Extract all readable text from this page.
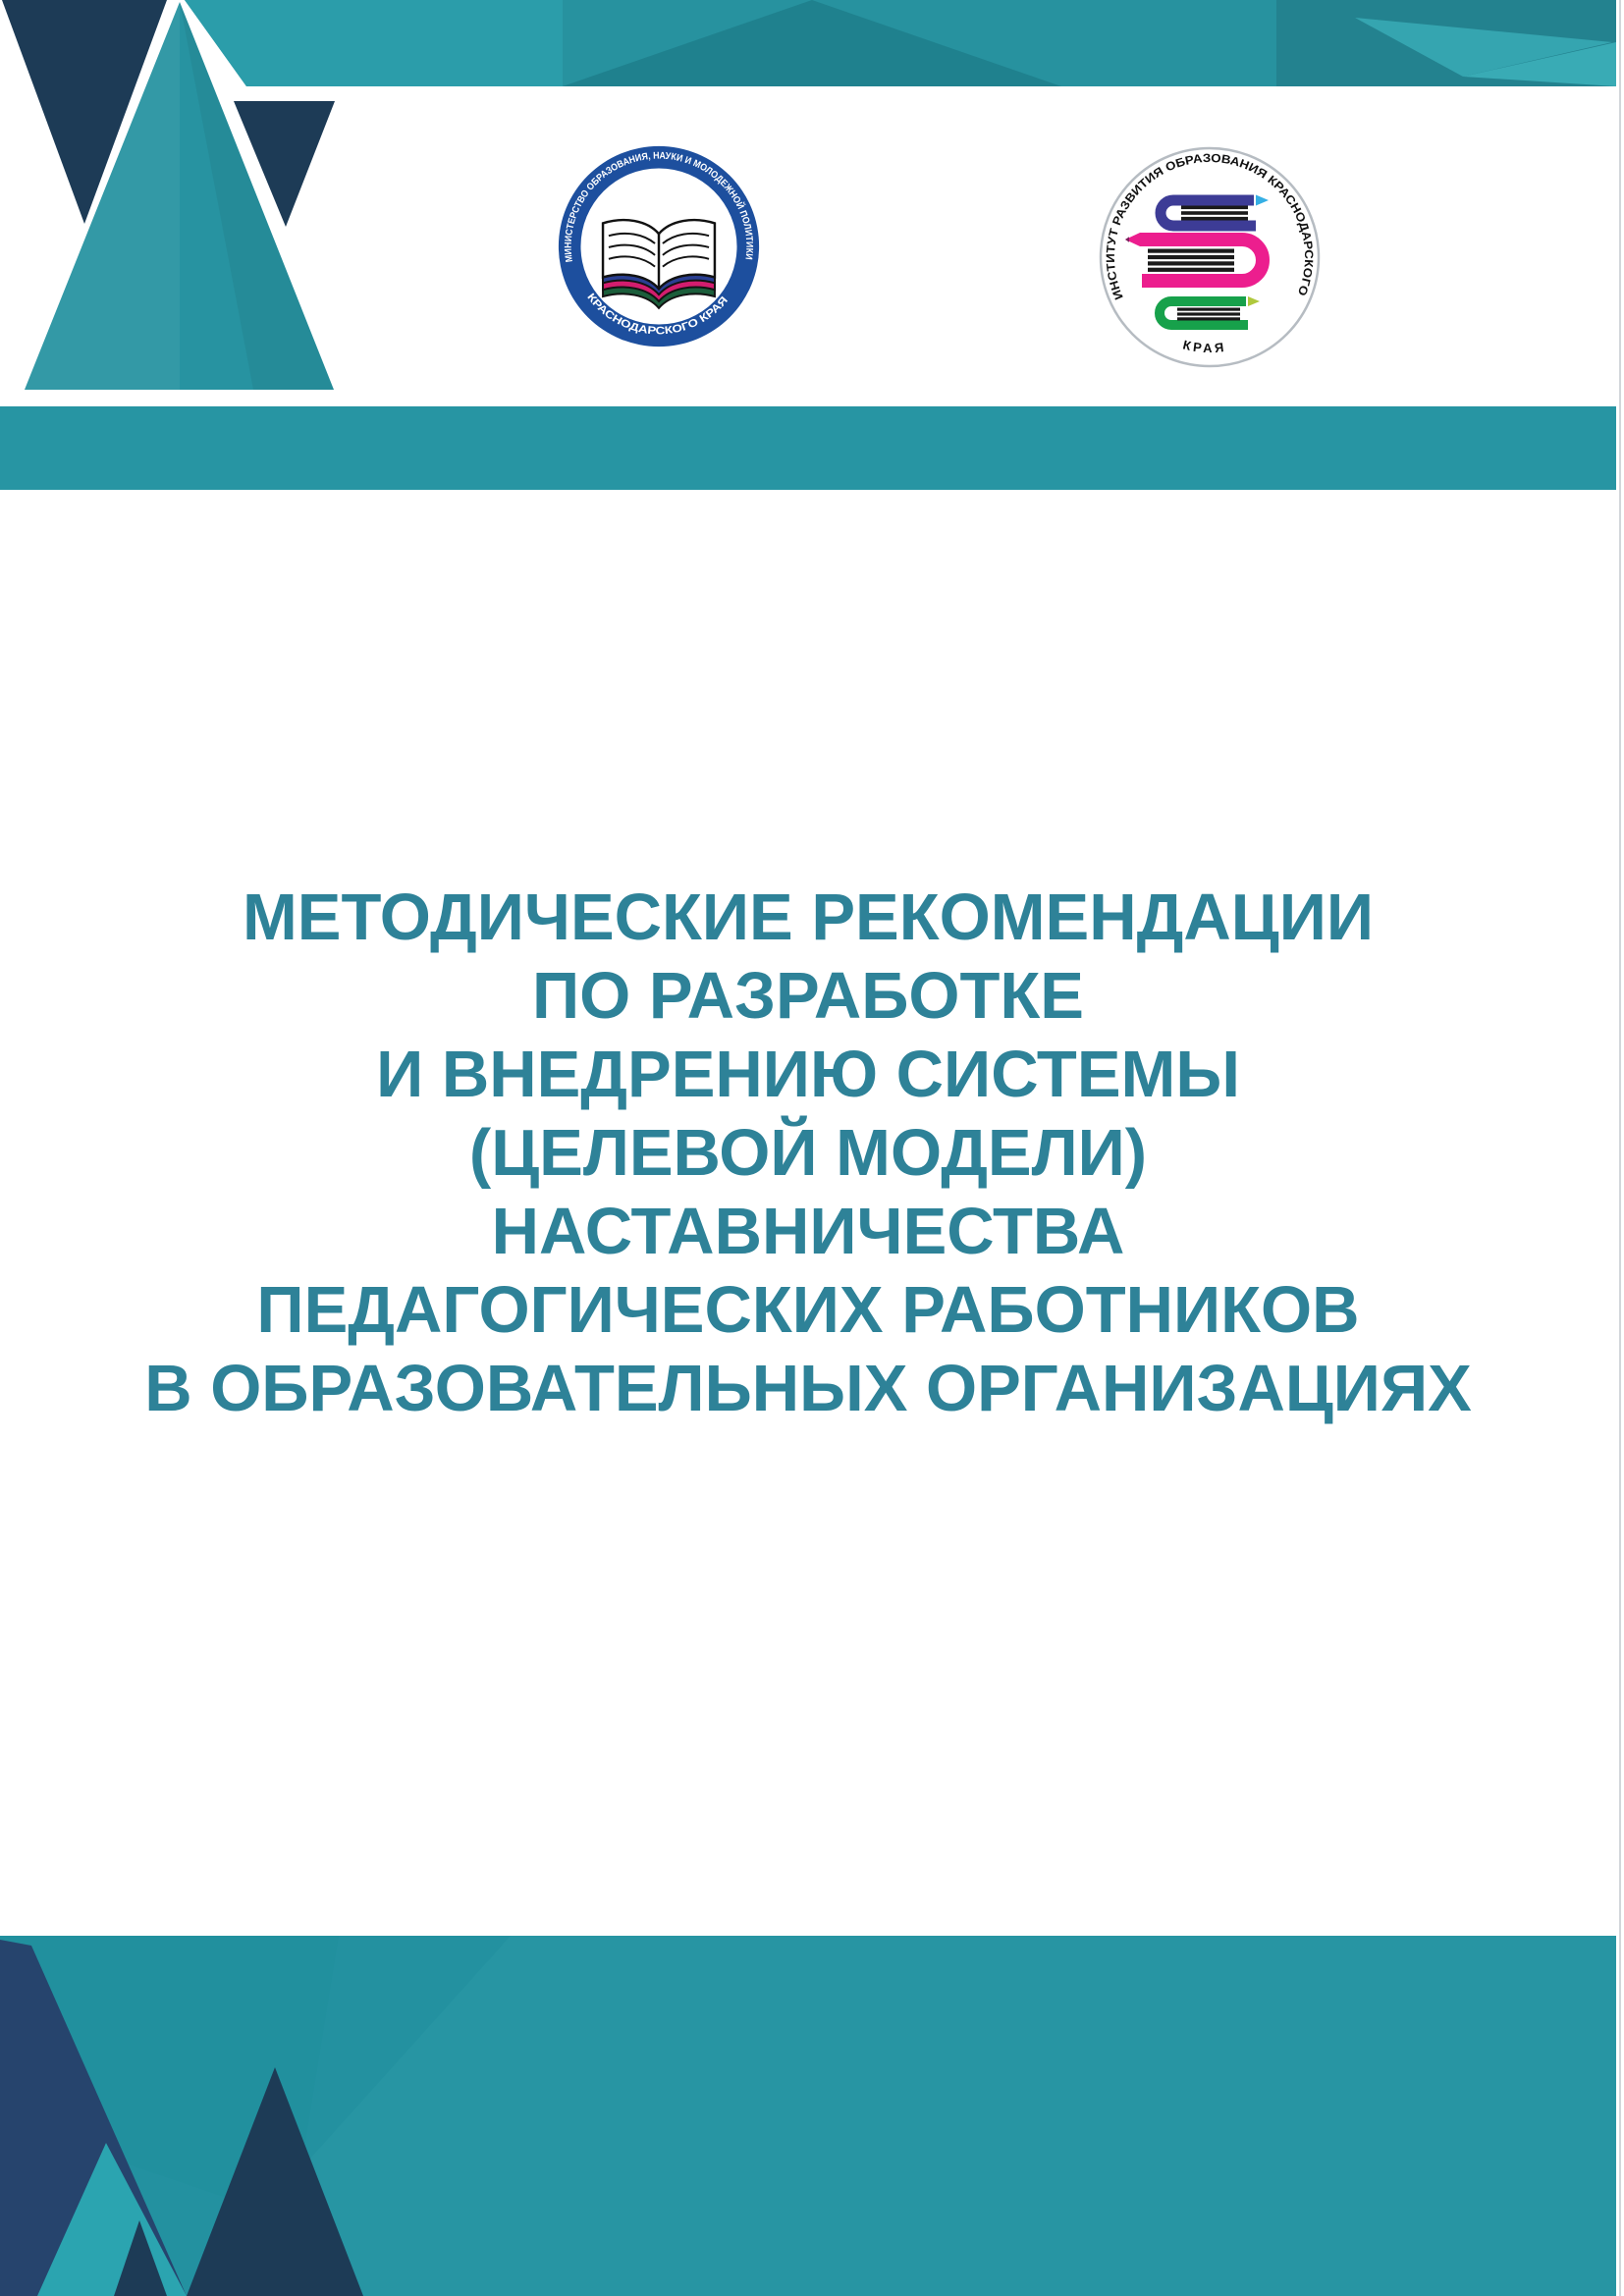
МИНИСТЕРСТВО ОБРАЗОВАНИЯ, НАУКИ И МОЛОДЕЖНОЙ ПОЛИТИКИ
КРАСНОДАРСКОГО КРАЯ
ИНСТИТУТ РАЗВИТИЯ ОБРАЗОВАНИЯ КРАСНОДАРСКОГО
КРАЯ
МЕТОДИЧЕСКИЕ РЕКОМЕНДАЦИИ
ПО РАЗРАБОТКЕ
И ВНЕДРЕНИЮ СИСТЕМЫ
(ЦЕЛЕВОЙ МОДЕЛИ)
НАСТАВНИЧЕСТВА
ПЕДАГОГИЧЕСКИХ РАБОТНИКОВ
В ОБРАЗОВАТЕЛЬНЫХ ОРГАНИЗАЦИЯХ
